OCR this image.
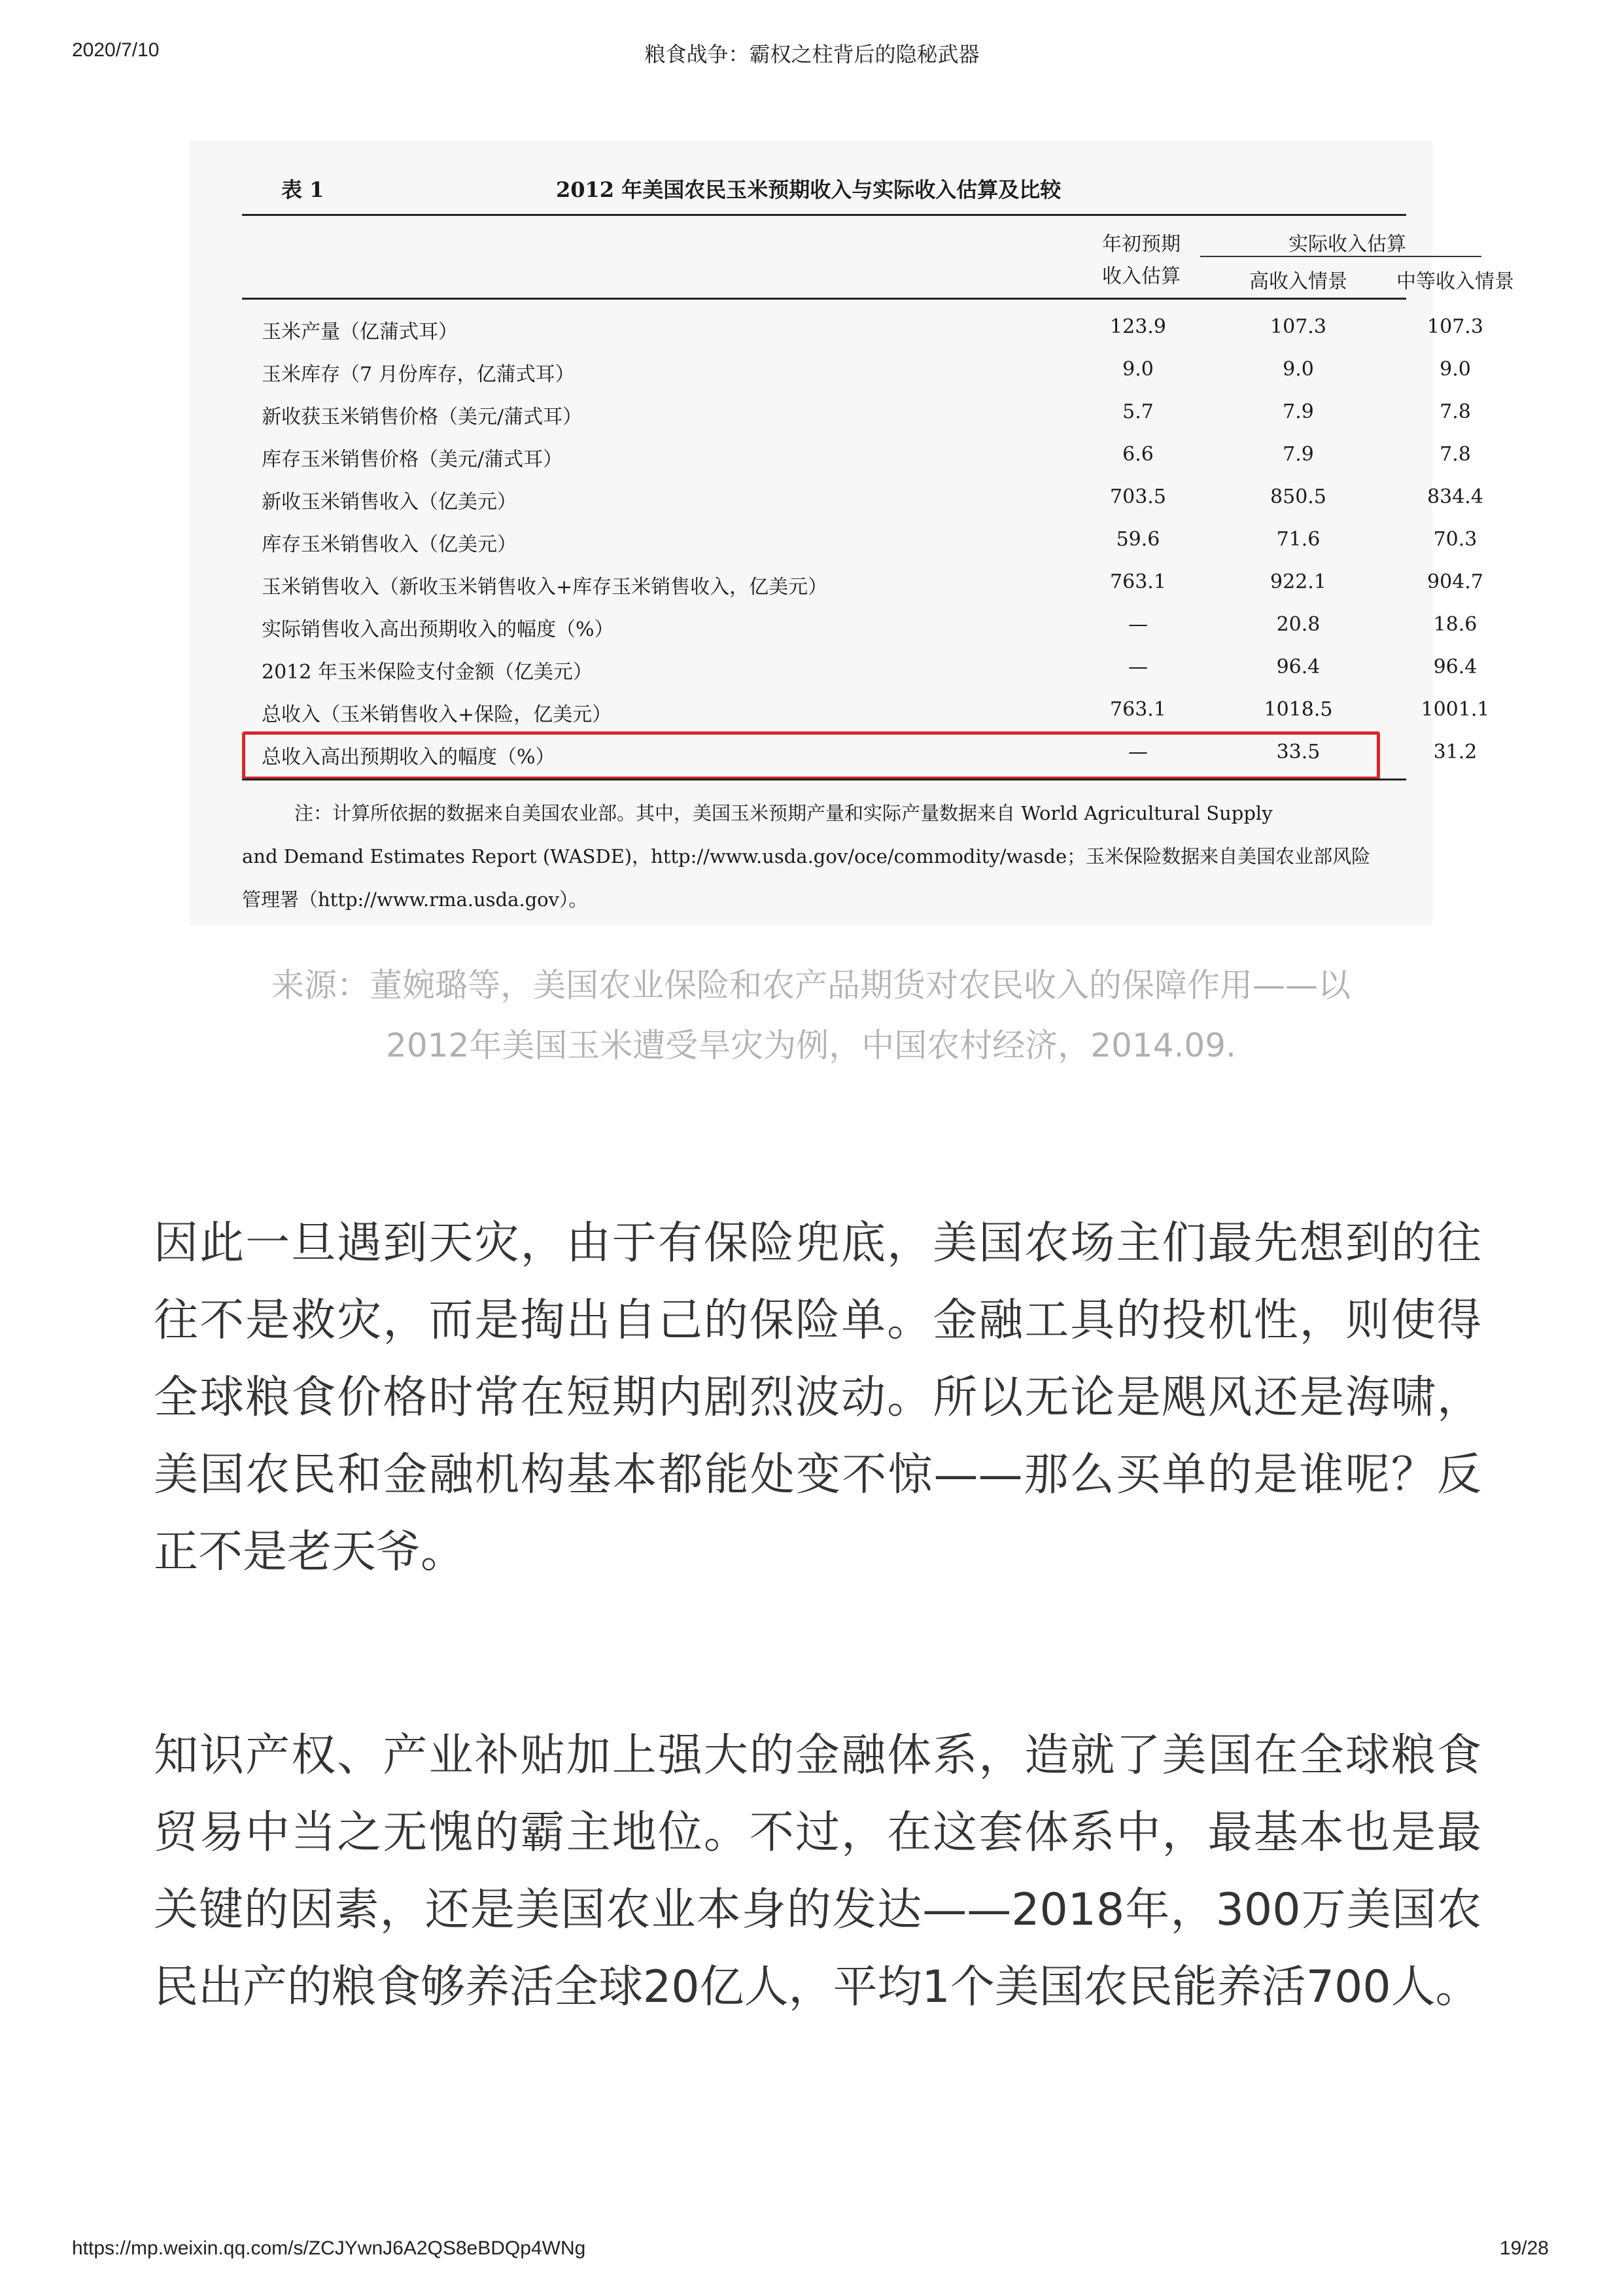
2020/7/10	粮食战争：霸权之柱背后的隐秘武器
表 1	2012 年美国农民玉米预期收入与实际收入估算及比较
年初预期
收入估算
实际收入估算
高收入情景	中等收入情景
玉米产量（亿蒲式耳）	123.9	107.3	107.3
玉米库存（7 月份库存，亿蒲式耳）	9.0	9.0	9.0
新收获玉米销售价格（美元/蒲式耳）	5.7	7.9	7.8
库存玉米销售价格（美元/蒲式耳）	6.6	7.9	7.8
新收玉米销售收入（亿美元）	703.5	850.5	834.4
库存玉米销售收入（亿美元）	59.6	71.6	70.3
玉米销售收入（新收玉米销售收入+库存玉米销售收入，亿美元）	763.1	922.1	904.7
实际销售收入高出预期收入的幅度（%）	—	20.8	18.6
2012 年玉米保险支付金额（亿美元）	—	96.4	96.4
总收入（玉米销售收入+保险，亿美元）	763.1	1018.5	1001.1
总收入高出预期收入的幅度（%）	—	33.5	31.2
注：计算所依据的数据来自美国农业部。其中，美国玉米预期产量和实际产量数据来自 World Agricultural Supply
and Demand Estimates Report (WASDE)，http://www.usda.gov/oce/commodity/wasde；玉米保险数据来自美国农业部风险
管理署（http://www.rma.usda.gov）。
来源：董婉璐等，美国农业保险和农产品期货对农民收入的保障作用——以
2012年美国玉米遭受旱灾为例，中国农村经济，2014.09.
因此一旦遇到天灾，由于有保险兜底，美国农场主们最先想到的往往不是救灾，而是掏出自己的保险单。金融工具的投机性，则使得全球粮食价格时常在短期内剧烈波动。所以无论是飓风还是海啸，美国农民和金融机构基本都能处变不惊——那么买单的是谁呢？反正不是老天爷。
知识产权、产业补贴加上强大的金融体系，造就了美国在全球粮食贸易中当之无愧的霸主地位。不过，在这套体系中，最基本也是最关键的因素，还是美国农业本身的发达——2018年，300万美国农民出产的粮食够养活全球20亿人，平均1个美国农民能养活700人。
https://mp.weixin.qq.com/s/ZCJYwnJ6A2QS8eBDQp4WNg	19/28
